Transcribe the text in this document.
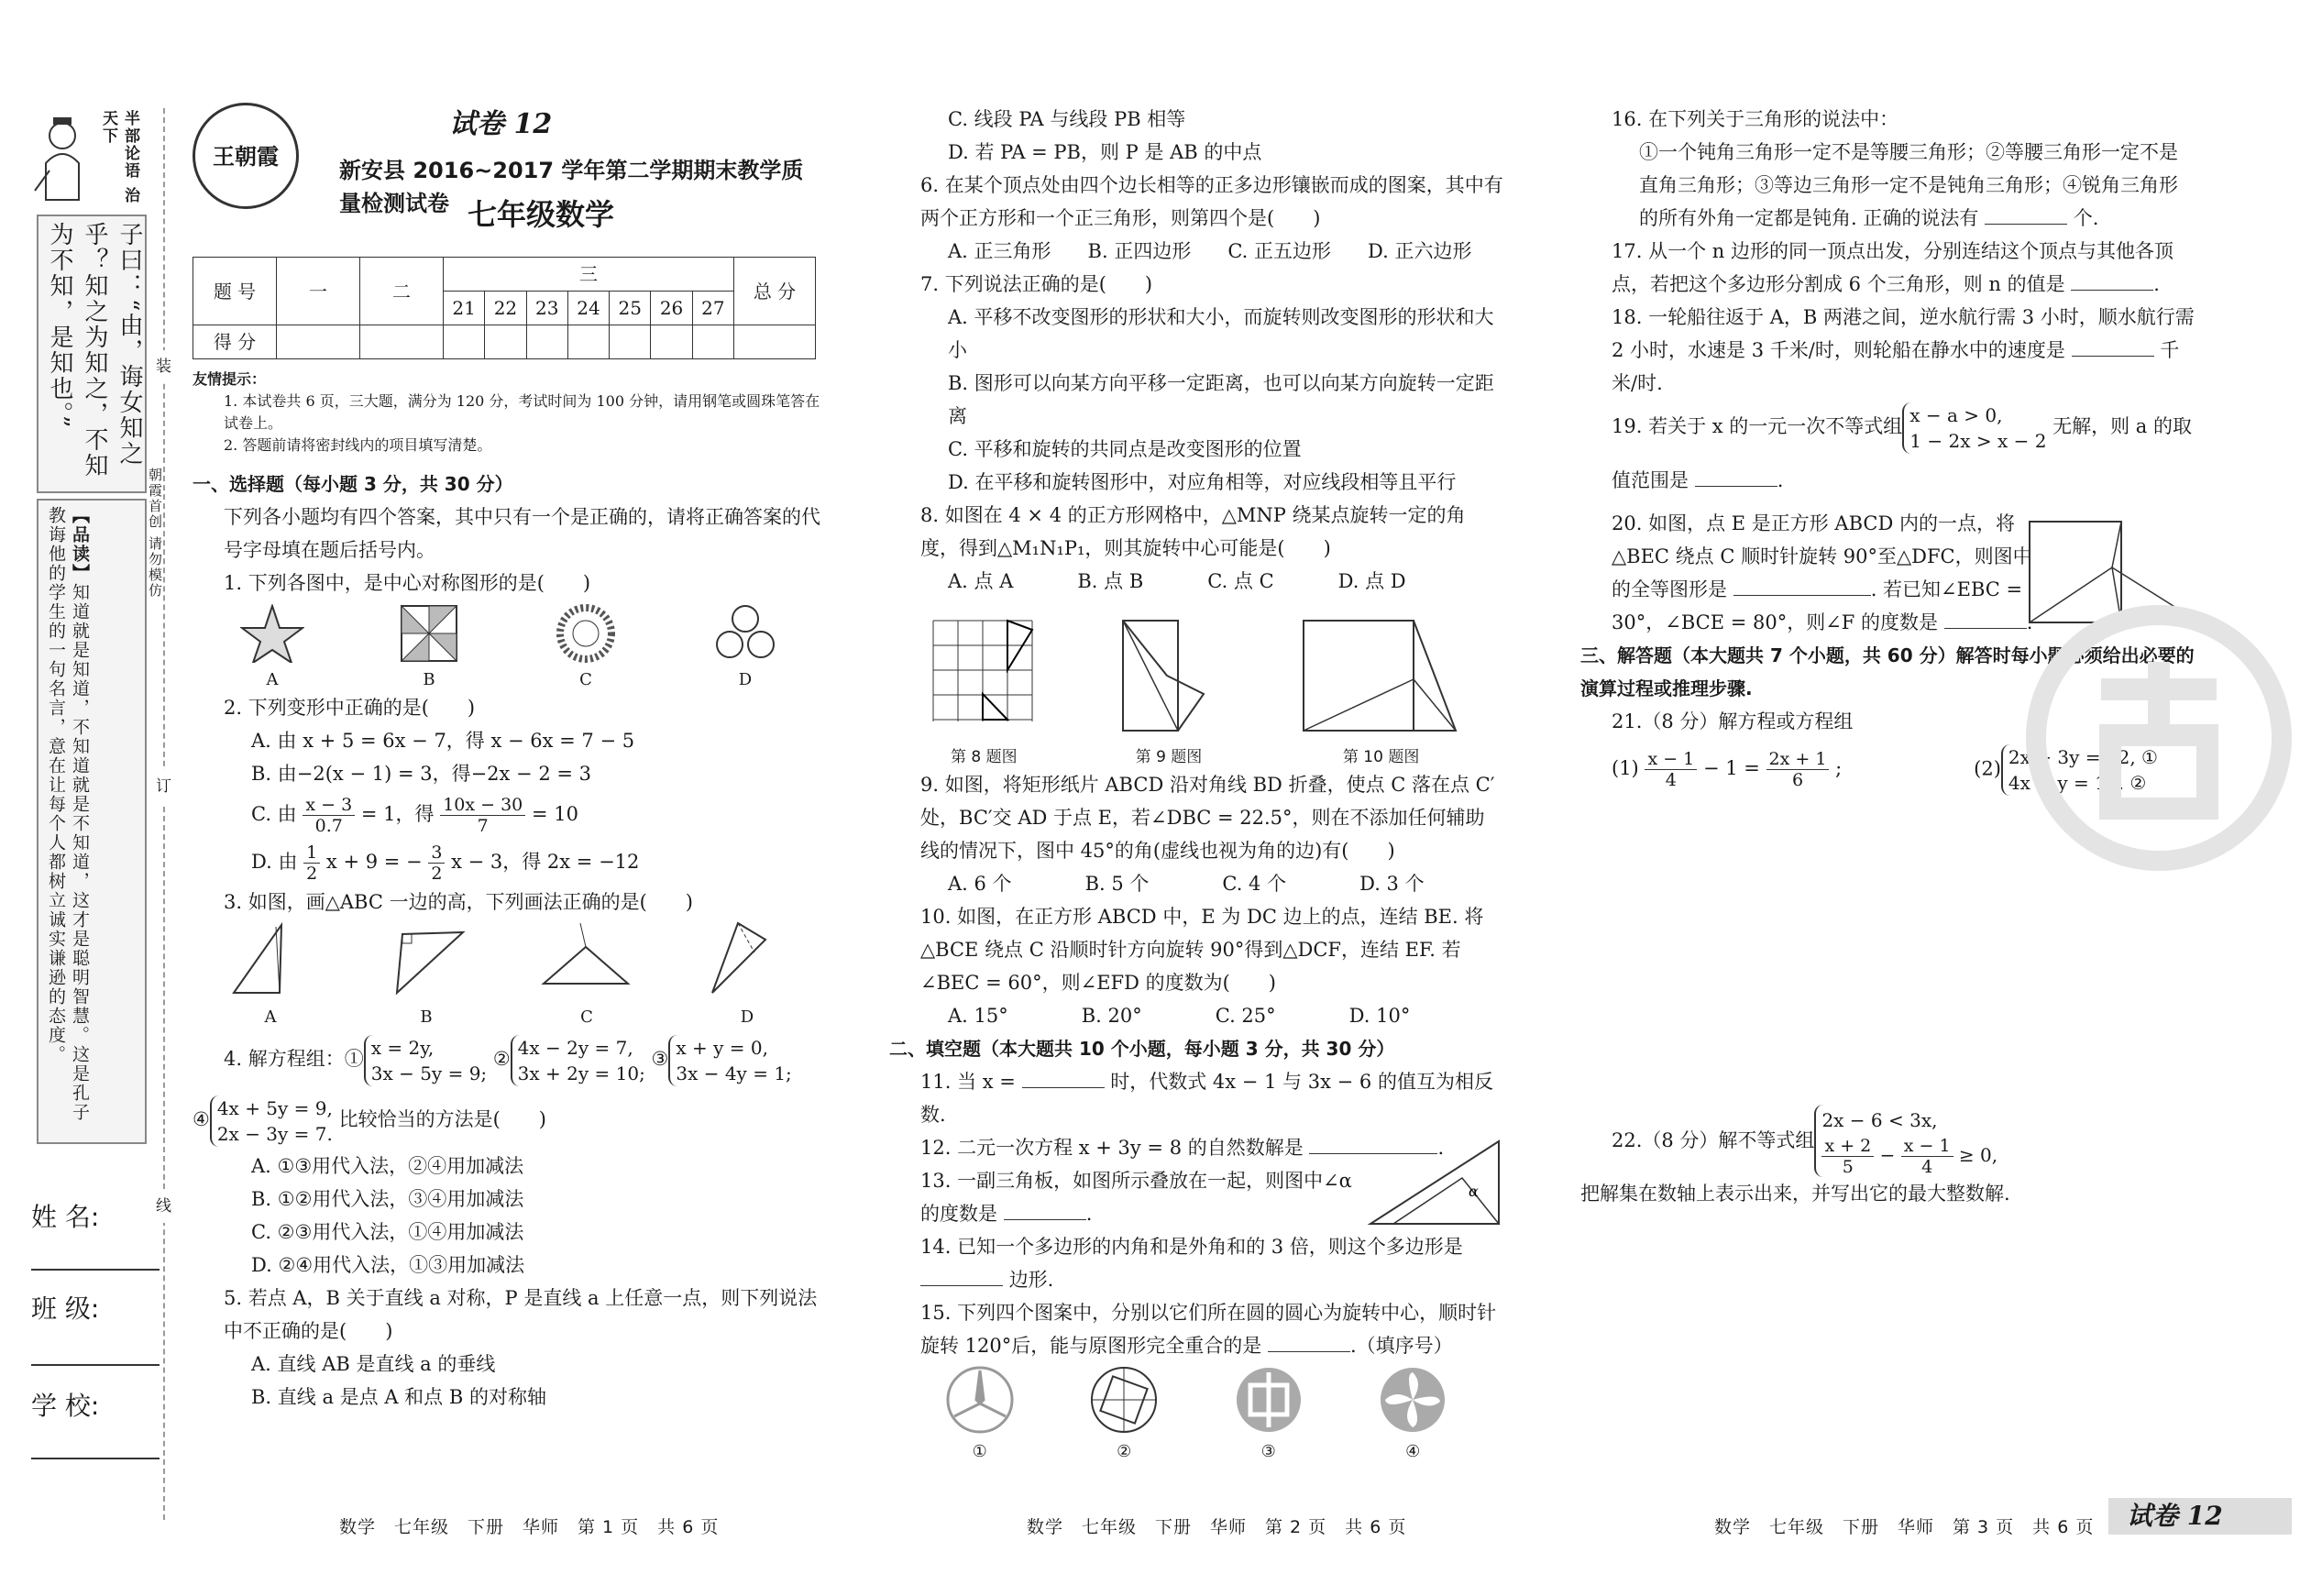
半部论语 治天下
子曰：“由，诲女知之乎？知之为知之，不知为不知，是知也。”
【品读】知道就是知道，不知道就是不知道，这才是聪明智慧。这是孔子教诲他的学生的一句名言，意在让每个人都树立诚实谦逊的态度。
姓 名:
班 级:
学 校:
装
订
线
朝霞首创 请勿模仿
王朝霞
试卷 12
新安县 2016~2017 学年第二学期期末教学质量检测试卷 七年级数学
题 号	一	二	三							总 分
			21	22	23	24	25	26	27	
得 分										

友情提示：

1. 本试卷共 6 页，三大题，满分为 120 分，考试时间为 100 分钟，请用钢笔或圆珠笔答在试卷上。

2. 答题前请将密封线内的项目填写清楚。

一、选择题（每小题 3 分，共 30 分）

下列各小题均有四个答案，其中只有一个是正确的，请将正确答案的代号字母填在题后括号内。

1. 下列各图中，是中心对称图形的是(　　)

A	B	C	D

2. 下列变形中正确的是(　　)

A. 由 x + 5 = 6x − 7，得 x − 6x = 7 − 5

B. 由−2(x − 1) = 3，得−2x − 2 = 3

C. 由 $\frac{x - 3}{0.7} = 1$，得 $\frac{10x - 30}{7} = 10$

D. 由 $\frac{1}{2}$ x + 9 = − $\frac{3}{2}$ x − 3，得 2x = −12

3. 如图，画△ABC 一边的高，下列画法正确的是(　　)

A	B	C	D

4. 解方程组：①x = 2y,
3x − 5y = 9; ②4x − 2y = 7,
3x + 2y = 10; ③x + y = 0,
3x − 4y = 1;

④4x + 5y = 9,
2x − 3y = 7. 比较恰当的方法是(　　)

A. ①③用代入法，②④用加减法

B. ①②用代入法，③④用加减法

C. ②③用代入法，①④用加减法

D. ②④用代入法，①③用加减法

5. 若点 A，B 关于直线 a 对称，P 是直线 a 上任意一点，则下列说法中不正确的是(　　)

A. 直线 AB 是直线 a 的垂线

B. 直线 a 是点 A 和点 B 的对称轴

C. 线段 PA 与线段 PB 相等

D. 若 PA = PB，则 P 是 AB 的中点

6. 在某个顶点处由四个边长相等的正多边形镶嵌而成的图案，其中有两个正方形和一个正三角形，则第四个是(　　)

A. 正三角形 B. 正四边形 C. 正五边形 D. 正六边形

7. 下列说法正确的是(　　)

A. 平移不改变图形的形状和大小，而旋转则改变图形的形状和大小

B. 图形可以向某方向平移一定距离，也可以向某方向旋转一定距离

C. 平移和旋转的共同点是改变图形的位置

D. 在平移和旋转图形中，对应角相等，对应线段相等且平行

8. 如图在 4 × 4 的正方形网格中，△MNP 绕某点旋转一定的角度，得到△M₁N₁P₁，则其旋转中心可能是(　　)

A. 点 A	B. 点 B	C. 点 C	D. 点 D
第 8 题图	第 9 题图	第 10 题图

9. 如图，将矩形纸片 ABCD 沿对角线 BD 折叠，使点 C 落在点 C′处，BC′交 AD 于点 E，若∠DBC = 22.5°，则在不添加任何辅助线的情况下，图中 45°的角(虚线也视为角的边)有(　　)

A. 6 个	B. 5 个	C. 4 个	D. 3 个

10. 如图，在正方形 ABCD 中，E 为 DC 边上的点，连结 BE. 将△BCE 绕点 C 沿顺时针方向旋转 90°得到△DCF，连结 EF. 若∠BEC = 60°，则∠EFD 的度数为(　　)

A. 15°	B. 20°	C. 25°	D. 10°

二、填空题（本大题共 10 个小题，每小题 3 分，共 30 分）

11. 当 x =	时，代数式 4x − 1 与 3x − 6 的值互为相反数.

12. 二元一次方程 x + 3y = 8 的自然数解是	.

13. 一副三角板，如图所示叠放在一起，则图中∠α 的度数是	.

α

14. 已知一个多边形的内角和是外角和的 3 倍，则这个多边形是  边形.

15. 下列四个图案中，分别以它们所在圆的圆心为旋转中心，顺时针旋转 120°后，能与原图形完全重合的是	.（填序号）

①	②	③	④

16. 在下列关于三角形的说法中：

①一个钝角三角形一定不是等腰三角形；②等腰三角形一定不是直角三角形；③等边三角形一定不是钝角三角形；④锐角三角形的所有外角一定都是钝角. 正确的说法有	个.

17. 从一个 n 边形的同一顶点出发，分别连结这个顶点与其他各顶点，若把这个多边形分割成 6 个三角形，则 n 的值是	.

18. 一轮船往返于 A，B 两港之间，逆水航行需 3 小时，顺水航行需 2 小时，水速是 3 千米/时，则轮船在静水中的速度是	千米/时.

19. 若关于 x 的一元一次不等式组x − a > 0,
1 − 2x > x − 2 无解，则 a 的取值范围是	.

20. 如图，点 E 是正方形 ABCD 内的一点，将△BEC 绕点 C 顺时针旋转 90°至△DFC，则图中的全等图形是	. 若已知∠EBC = 30°，∠BCE = 80°，则∠F 的度数是	.

三、解答题（本大题共 7 个小题，共 60 分）解答时每小题必须给出必要的演算过程或推理步骤.

21.（8 分）解方程或方程组

$(1) \frac{x - 1}{4} - 1 = \frac{2x + 1}{6}$ ;	(2)2x + 3y = 12, ①
4x − y = 10. ②
22.（8 分）解不等式组
2x − 6 < 3x,

$\frac{x + 2}{5} - \frac{x - 1}{4} \ge 0$,

把解集在数轴上表示出来，并写出它的最大整数解.

数学　七年级　下册　华师　第 1 页　共 6 页	数学　七年级　下册　华师　第 2 页　共 6 页	数学　七年级　下册　华师　第 3 页　共 6 页	试卷 12
